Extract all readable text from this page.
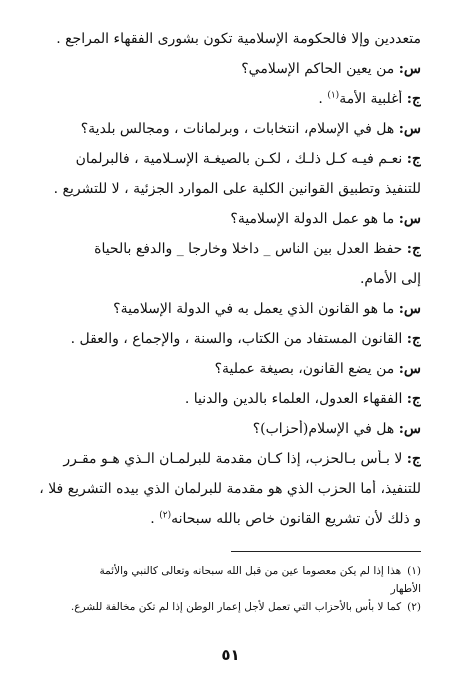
متعددين وإلا فالحكومة الإسلامية تكون بشورى الفقهاء المراجع .
س: من يعين الحاكم الإسلامي؟
ج: أغلبية الأمة$^{(١)}$ .
س: هل في الإسلام، انتخابات ، وبرلمانات ، ومجالس بلدية؟
ج: نعـم فيـه كـل ذلـك ، لكـن بالصيغـة الإسـلامية ، فالبرلمان
للتنفيذ وتطبيق القوانين الكلية على الموارد الجزئية ، لا للتشريع .
س: ما هو عمل الدولة الإسلامية؟
ج: حفظ العدل بين الناس _ داخلا وخارجا _ والدفع بالحياة
إلى الأمام.
س: ما هو القانون الذي يعمل به في الدولة الإسلامية؟
ج: القانون المستفاد من الكتاب، والسنة ، والإجماع ، والعقل .
س: من يضع القانون، بصيغة عملية؟
ج: الفقهاء العدول، العلماء بالدين والدنيا .
س: هل في الإسلام(أحزاب)؟
ج: لا بـأس بـالحزب، إذا كـان مقدمة للبرلمـان الـذي هـو مقـرر
للتنفيذ، أما الحزب الذي هو مقدمة للبرلمان الذي بيده التشريع فلا ،
و ذلك لأن تشريع القانون خاص بالله سبحانه$^{(٢)}$ .
(١)هذا إذا لم يكن معصوما عين من قبل الله سبحانه وتعالى كالنبي والأئمة
الأطهار
(٢)كما لا بأس بالأحزاب التي تعمل لأجل إعمار الوطن إذا لم تكن مخالفة للشرع.
٥١
